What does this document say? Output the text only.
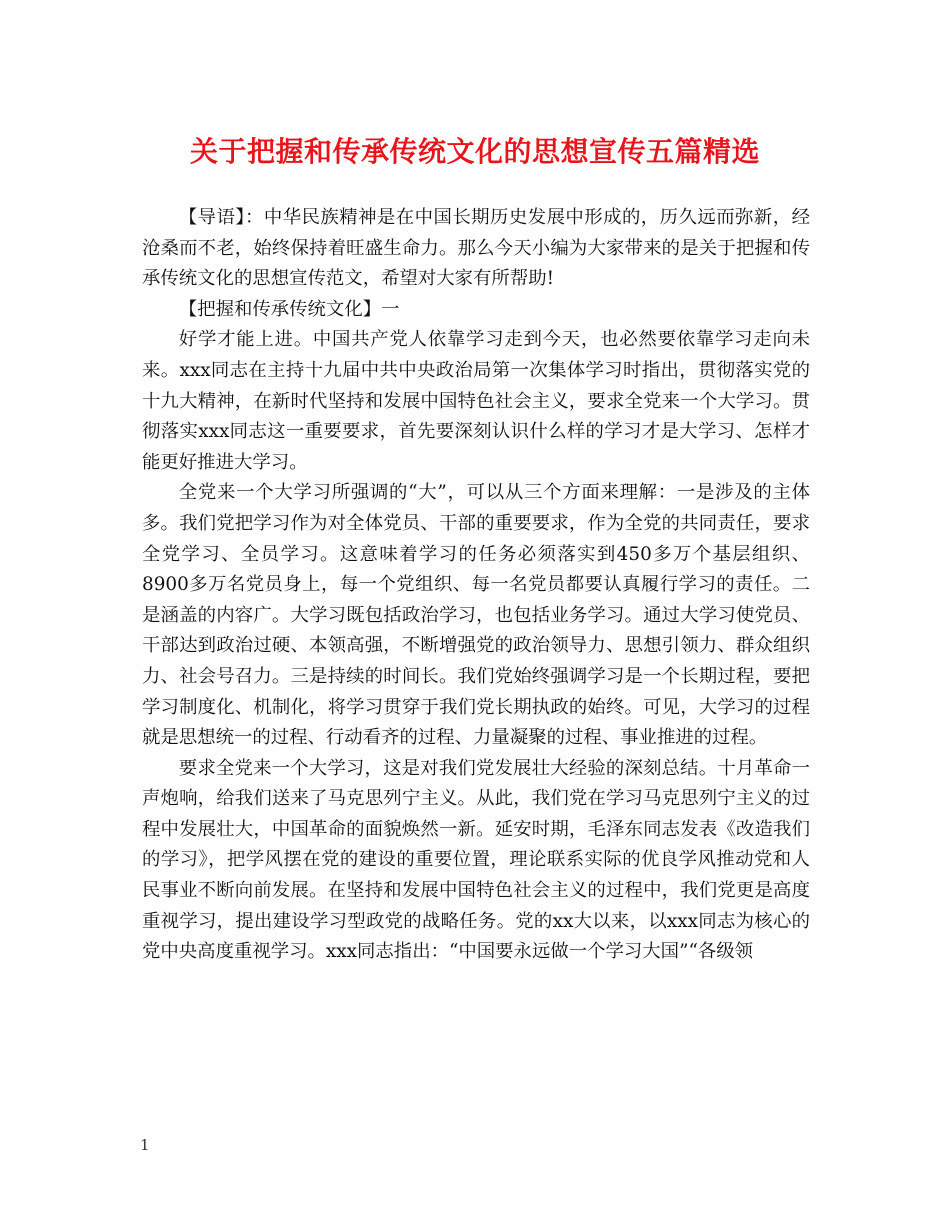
关于把握和传承传统文化的思想宣传五篇精选

【导语】：中华民族精神是在中国长期历史发展中形成的，历久远而弥新，经沧桑而不老，始终保持着旺盛生命力。那么今天小编为大家带来的是关于把握和传承传统文化的思想宣传范文，希望对大家有所帮助!

【把握和传承传统文化】一

好学才能上进。中国共产党人依靠学习走到今天，也必然要依靠学习走向未来。xxx同志在主持十九届中共中央政治局第一次集体学习时指出，贯彻落实党的十九大精神，在新时代坚持和发展中国特色社会主义，要求全党来一个大学习。贯彻落实xxx同志这一重要要求，首先要深刻认识什么样的学习才是大学习、怎样才能更好推进大学习。

全党来一个大学习所强调的“大”，可以从三个方面来理解：一是涉及的主体多。我们党把学习作为对全体党员、干部的重要要求，作为全党的共同责任，要求全党学习、全员学习。这意味着学习的任务必须落实到450多万个基层组织、8900多万名党员身上，每一个党组织、每一名党员都要认真履行学习的责任。二是涵盖的内容广。大学习既包括政治学习，也包括业务学习。通过大学习使党员、干部达到政治过硬、本领高强，不断增强党的政治领导力、思想引领力、群众组织力、社会号召力。三是持续的时间长。我们党始终强调学习是一个长期过程，要把学习制度化、机制化，将学习贯穿于我们党长期执政的始终。可见，大学习的过程就是思想统一的过程、行动看齐的过程、力量凝聚的过程、事业推进的过程。

要求全党来一个大学习，这是对我们党发展壮大经验的深刻总结。十月革命一声炮响，给我们送来了马克思列宁主义。从此，我们党在学习马克思列宁主义的过程中发展壮大，中国革命的面貌焕然一新。延安时期，毛泽东同志发表《改造我们的学习》，把学风摆在党的建设的重要位置，理论联系实际的优良学风推动党和人民事业不断向前发展。在坚持和发展中国特色社会主义的过程中，我们党更是高度重视学习，提出建设学习型政党的战略任务。党的xx大以来，以xxx同志为核心的党中央高度重视学习。xxx同志指出：“中国要永远做一个学习大国”“各级领

1
